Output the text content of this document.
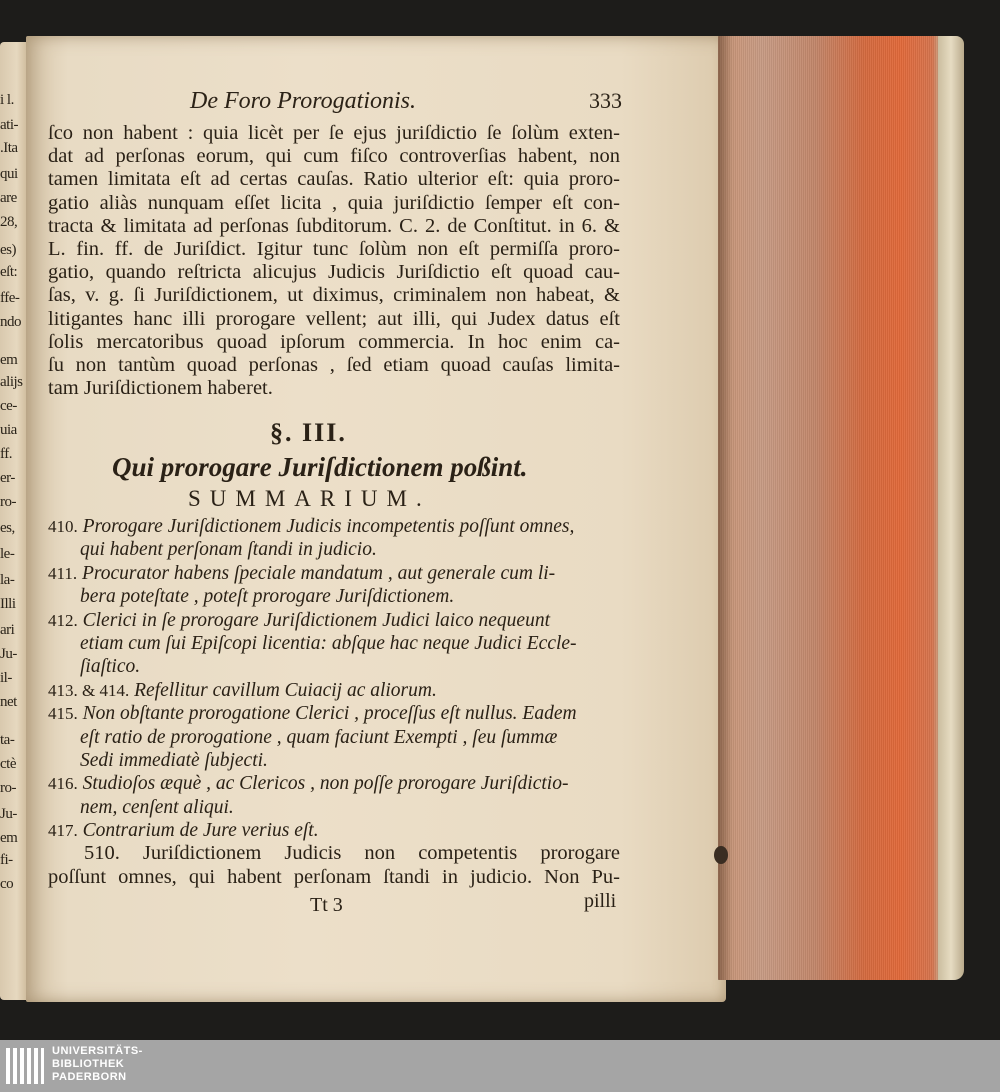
i l.
ati-
.Ita
qui
are
28,
es)
eſt:
ffe-
ndo
em
alijs
ce-
uia
ff.
er-
ro-
es,
le-
la-
Illi
ari
Ju-
il-
net
ta-
ctè
ro-
Ju-
em
fi-
co
De Foro Prorogationis.	333
ſco non habent : quia licèt per ſe ejus juriſdictio ſe ſolùm exten-
dat ad perſonas eorum, qui cum fiſco controverſias habent, non
tamen limitata eſt ad certas cauſas. Ratio ulterior eſt: quia proro-
gatio aliàs nunquam eſſet licita , quia juriſdictio ſemper eſt con-
tracta & limitata ad perſonas ſubditorum. C. 2. de Conſtitut. in 6. &
L. fin. ff. de Juriſdict. Igitur tunc ſolùm non eſt permiſſa proro-
gatio, quando reſtricta alicujus Judicis Juriſdictio eſt quoad cau-
ſas, v. g. ſi Juriſdictionem, ut diximus, criminalem non habeat, &
litigantes hanc illi prorogare vellent; aut illi, qui Judex datus eſt
ſolis mercatoribus quoad ipſorum commercia. In hoc enim ca-
ſu non tantùm quoad perſonas , ſed etiam quoad cauſas limita-
tam Juriſdictionem haberet.
§. III.
Qui prorogare Juriſdictionem poßint.
SUMMARIUM.
410. Prorogare Juriſdictionem Judicis incompetentis poſſunt omnes,
qui habent perſonam ſtandi in judicio.
411. Procurator habens ſpeciale mandatum , aut generale cum li-
bera poteſtate , poteſt prorogare Juriſdictionem.
412. Clerici in ſe prorogare Juriſdictionem Judici laico nequeunt
etiam cum ſui Epiſcopi licentia: abſque hac neque Judici Eccle-
ſiaſtico.
413. & 414. Refellitur cavillum Cuiacij ac aliorum.
415. Non obſtante prorogatione Clerici , proceſſus eſt nullus. Eadem
eſt ratio de prorogatione , quam faciunt Exempti , ſeu ſummæ
Sedi immediatè ſubjecti.
416. Studioſos æquè , ac Clericos , non poſſe prorogare Juriſdictio-
nem, cenſent aliqui.
417. Contrarium de Jure verius eſt.
510. Juriſdictionem Judicis non competentis prorogare
poſſunt omnes, qui habent perſonam ſtandi in judicio. Non Pu-
Tt 3	pilli
UNIVERSITÄTS-
BIBLIOTHEK
PADERBORN
